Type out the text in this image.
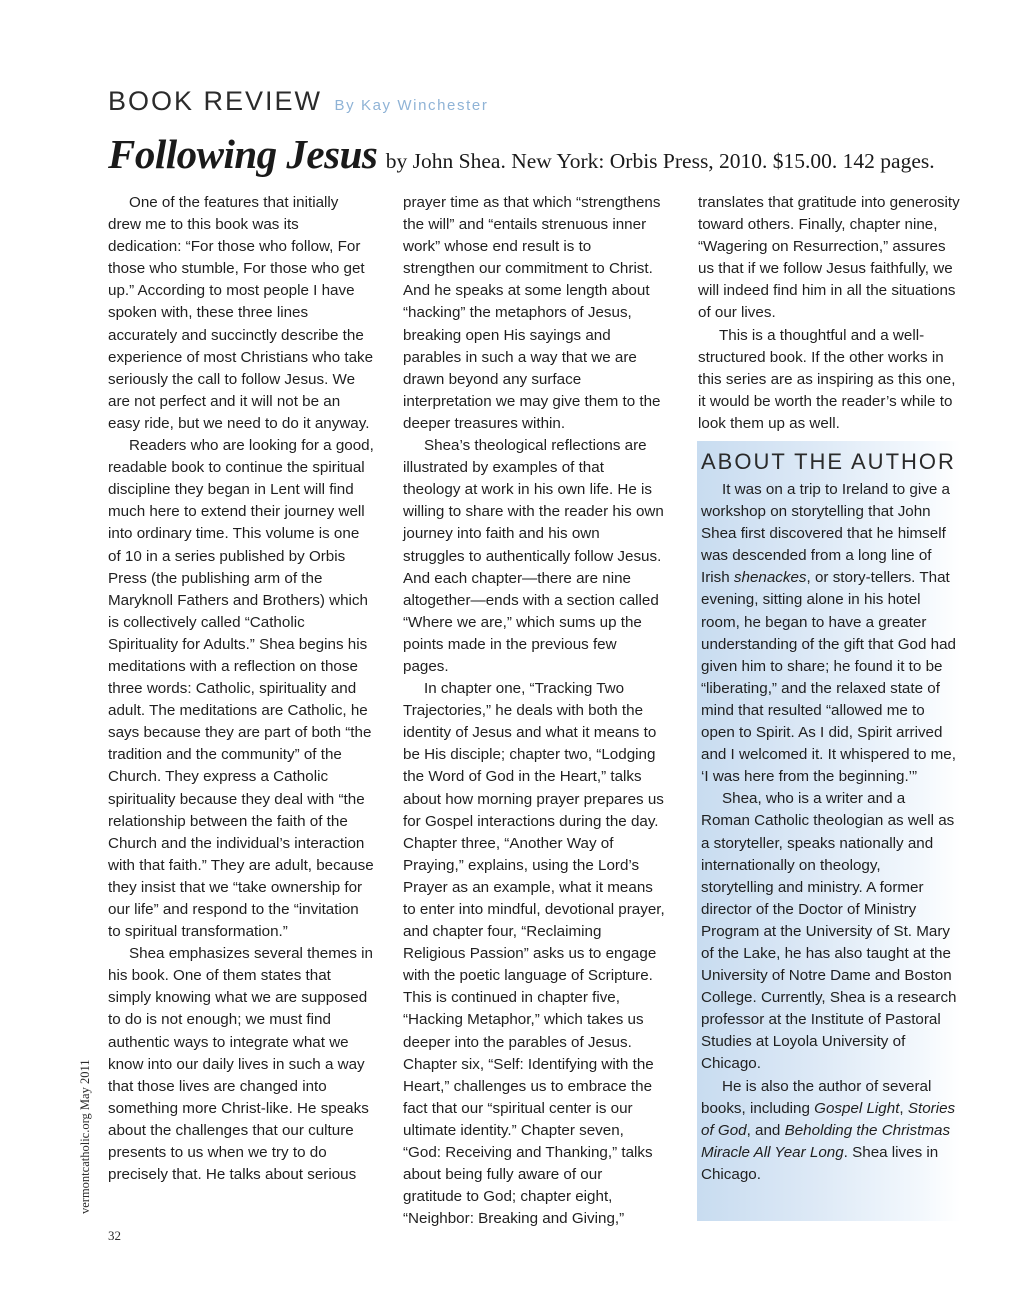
BOOK REVIEW By Kay Winchester
Following Jesus by John Shea. New York: Orbis Press, 2010. $15.00. 142 pages.

One of the features that initially drew me to this book was its dedication: “For those who follow, For those who stumble, For those who get up.” According to most people I have spoken with, these three lines accurately and succinctly describe the experience of most Christians who take seriously the call to follow Jesus. We are not perfect and it will not be an easy ride, but we need to do it anyway.

Readers who are looking for a good, readable book to continue the spiritual discipline they began in Lent will find much here to extend their journey well into ordinary time. This volume is one of 10 in a series published by Orbis Press (the publishing arm of the Maryknoll Fathers and Brothers) which is collectively called “Catholic Spirituality for Adults.” Shea begins his meditations with a reflection on those three words: Catholic, spirituality and adult. The meditations are Catholic, he says because they are part of both “the tradition and the community” of the Church. They express a Catholic spirituality because they deal with “the relationship between the faith of the Church and the individual’s interaction with that faith.” They are adult, because they insist that we “take ownership for our life” and respond to the “invitation to spiritual transformation.”

Shea emphasizes several themes in his book. One of them states that simply knowing what we are supposed to do is not enough; we must find authentic ways to integrate what we know into our daily lives in such a way that those lives are changed into something more Christ-like. He speaks about the challenges that our culture presents to us when we try to do precisely that. He talks about serious

prayer time as that which “strengthens the will” and “entails strenuous inner work” whose end result is to strengthen our commitment to Christ. And he speaks at some length about “hacking” the metaphors of Jesus, breaking open His sayings and parables in such a way that we are drawn beyond any surface interpretation we may give them to the deeper treasures within.

Shea’s theological reflections are illustrated by examples of that theology at work in his own life. He is willing to share with the reader his own journey into faith and his own struggles to authentically follow Jesus. And each chapter—there are nine altogether—ends with a section called “Where we are,” which sums up the points made in the previous few pages.

In chapter one, “Tracking Two Trajectories,” he deals with both the identity of Jesus and what it means to be His disciple; chapter two, “Lodging the Word of God in the Heart,” talks about how morning prayer prepares us for Gospel interactions during the day. Chapter three, “Another Way of Praying,” explains, using the Lord’s Prayer as an example, what it means to enter into mindful, devotional prayer, and chapter four, “Reclaiming Religious Passion” asks us to engage with the poetic language of Scripture. This is continued in chapter five, “Hacking Metaphor,” which takes us deeper into the parables of Jesus. Chapter six, “Self: Identifying with the Heart,” challenges us to embrace the fact that our “spiritual center is our ultimate identity.” Chapter seven, “God: Receiving and Thanking,” talks about being fully aware of our gratitude to God; chapter eight, “Neighbor: Breaking and Giving,”

translates that gratitude into generosity toward others. Finally, chapter nine, “Wagering on Resurrection,” assures us that if we follow Jesus faithfully, we will indeed find him in all the situations of our lives.

This is a thoughtful and a well-structured book. If the other works in this series are as inspiring as this one, it would be worth the reader’s while to look them up as well.

ABOUT THE AUTHOR

It was on a trip to Ireland to give a workshop on storytelling that John Shea first discovered that he himself was descended from a long line of Irish shenackes, or story-tellers. That evening, sitting alone in his hotel room, he began to have a greater understanding of the gift that God had given him to share; he found it to be “liberating,” and the relaxed state of mind that resulted “allowed me to open to Spirit. As I did, Spirit arrived and I welcomed it. It whispered to me, ‘I was here from the beginning.’”

Shea, who is a writer and a Roman Catholic theologian as well as a storyteller, speaks nationally and internationally on theology, storytelling and ministry. A former director of the Doctor of Ministry Program at the University of St. Mary of the Lake, he has also taught at the University of Notre Dame and Boston College. Currently, Shea is a research professor at the Institute of Pastoral Studies at Loyola University of Chicago.

He is also the author of several books, including Gospel Light, Stories of God, and Beholding the Christmas Miracle All Year Long. Shea lives in Chicago.

vermontcatholic.org May 2011
32
